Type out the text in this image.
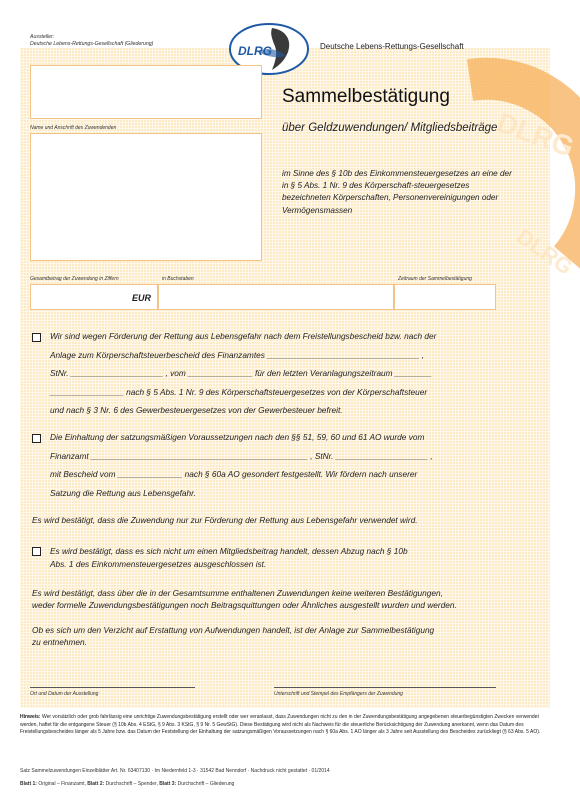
DLRG
DLRG
Aussteller:
Deutsche Lebens-Rettungs-Gesellschaft (Gliederung)	DLRG	Deutsche Lebens-Rettungs-Gesellschaft
Name und Anschrift des Zuwendenden
Sammelbestätigung
über Geldzuwendungen/ Mitgliedsbeiträge
im Sinne des § 10b des Einkommensteuergesetzes an eine der in § 5 Abs. 1 Nr. 9 des Körperschaft-steuergesetzes bezeichneten Körperschaften, Personenvereinigungen oder Vermögensmassen
Gesamtbetrag der Zuwendung in Ziffern	in Buchstaben	Zeitraum der Sammelbestätigung
EUR
Wir sind wegen Förderung der Rettung aus Lebensgefahr nach dem Freistellungsbescheid bzw. nach der
Anlage zum Körperschaftsteuerbescheid des Finanzamtes _________________________________ ,
StNr. ____________________ , vom ______________ für den letzten Veranlagungszeitraum ________
________________ nach § 5 Abs. 1 Nr. 9 des Körperschaftsteuergesetzes von der Körperschaftsteuer
und nach § 3 Nr. 6 des Gewerbesteuergesetzes von der Gewerbesteuer befreit.
Die Einhaltung der satzungsmäßigen Voraussetzungen nach den §§ 51, 59, 60 und 61 AO wurde vom
Finanzamt _______________________________________________ , StNr. ____________________ ,
mit Bescheid vom ______________ nach § 60a AO gesondert festgestellt. Wir fördern nach unserer
Satzung die Rettung aus Lebensgefahr.
Es wird bestätigt, dass die Zuwendung nur zur Förderung der Rettung aus Lebensgefahr verwendet wird.
Es wird bestätigt, dass es sich nicht um einen Mitgliedsbeitrag handelt, dessen Abzug nach § 10b
Abs. 1 des Einkommensteuergesetzes ausgeschlossen ist.
Es wird bestätigt, dass über die in der Gesamtsumme enthaltenen Zuwendungen keine weiteren Bestätigungen,
weder formelle Zuwendungsbestätigungen noch Beitragsquittungen oder Ähnliches ausgestellt wurden und werden.
Ob es sich um den Verzicht auf Erstattung von Aufwendungen handelt, ist der Anlage zur Sammelbestätigung
zu entnehmen.
Ort und Datum der Ausstellung	Unterschrift und Stempel des Empfängers der Zuwendung
Hinweis: Wer vorsätzlich oder grob fahrlässig eine unrichtige Zuwendungsbestätigung erstellt oder wer veranlasst, dass Zuwendungen nicht zu den in der Zuwendungsbestätigung angegebenen steuerbegünstigten Zwecken verwendet werden, haftet für die entgangene Steuer (§ 10b Abs. 4 EStG, § 9 Abs. 3 KStG, § 9 Nr. 5 GewStG). Diese Bestätigung wird nicht als Nachweis für die steuerliche Berücksichtigung der Zuwendung anerkannt, wenn das Datum des Freistellungsbescheides länger als 5 Jahre bzw. das Datum der Feststellung der Einhaltung der satzungsmäßigen Voraussetzungen nach § 60a Abs. 1 AO länger als 3 Jahre seit Ausstellung des Bescheides zurückliegt (§ 63 Abs. 5 AO).
Satz Sammelzuwendungen Einzelblätter Art. Nr. 63407130 · Im Niedernfeld 1-3 · 31542 Bad Nenndorf · Nachdruck nicht gestattet · 01/2014
Blatt 1: Original – Finanzamt, Blatt 2: Durchschrift – Spender, Blatt 3: Durchschrift – Gliederung
